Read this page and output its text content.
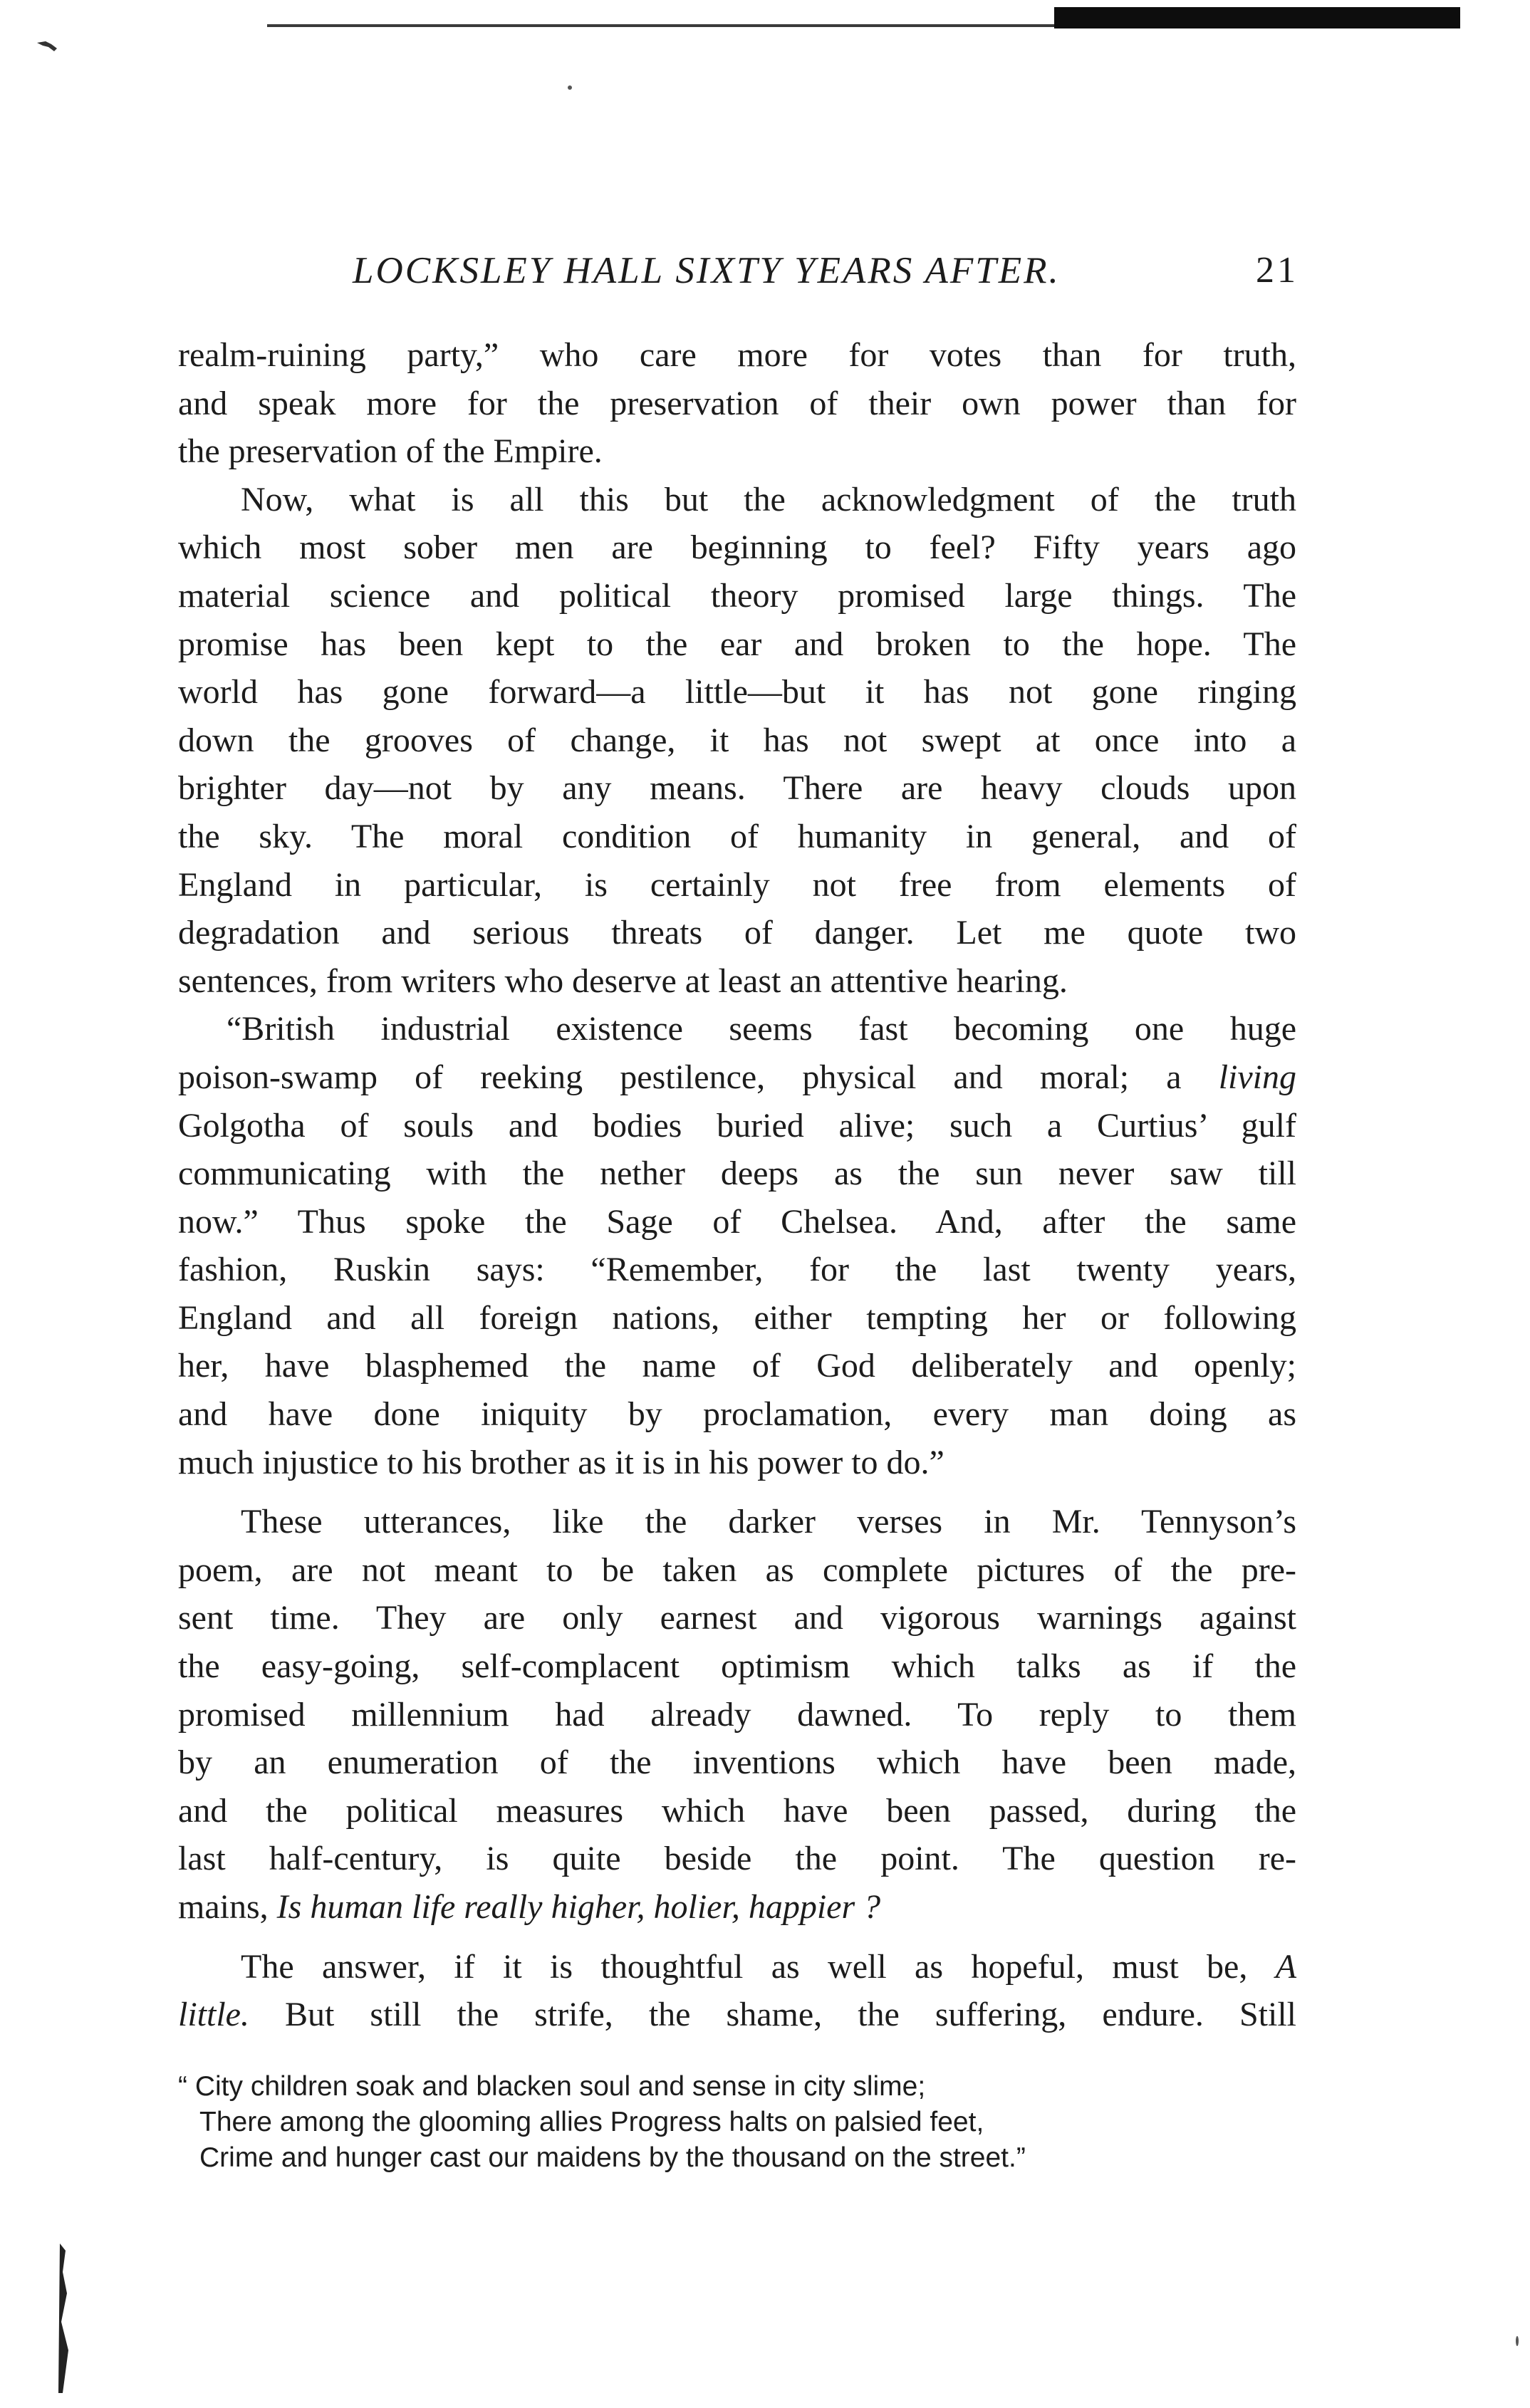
LOCKSLEY HALL SIXTY YEARS AFTER.	21
realm-ruining party,” who care more for votes than for truth,
and speak more for the preservation of their own power than for
the preservation of the Empire.
Now, what is all this but the acknowledgment of the truth
which most sober men are beginning to feel? Fifty years ago
material science and political theory promised large things. The
promise has been kept to the ear and broken to the hope. The
world has gone forward—a little—but it has not gone ringing
down the grooves of change, it has not swept at once into a
brighter day—not by any means. There are heavy clouds upon
the sky. The moral condition of humanity in general, and of
England in particular, is certainly not free from elements of
degradation and serious threats of danger. Let me quote two
sentences, from writers who deserve at least an attentive hearing.
“British industrial existence seems fast becoming one huge
poison-swamp of reeking pestilence, physical and moral; a living
Golgotha of souls and bodies buried alive; such a Curtius’ gulf
communicating with the nether deeps as the sun never saw till
now.” Thus spoke the Sage of Chelsea. And, after the same
fashion, Ruskin says: “Remember, for the last twenty years,
England and all foreign nations, either tempting her or following
her, have blasphemed the name of God deliberately and openly;
and have done iniquity by proclamation, every man doing as
much injustice to his brother as it is in his power to do.”
These utterances, like the darker verses in Mr. Tennyson’s
poem, are not meant to be taken as complete pictures of the pre-
sent time. They are only earnest and vigorous warnings against
the easy-going, self-complacent optimism which talks as if the
promised millennium had already dawned. To reply to them
by an enumeration of the inventions which have been made,
and the political measures which have been passed, during the
last half-century, is quite beside the point. The question re-
mains, Is human life really higher, holier, happier ?
The answer, if it is thoughtful as well as hopeful, must be, A
little. But still the strife, the shame, the suffering, endure. Still
“ City children soak and blacken soul and sense in city slime;
There among the glooming allies Progress halts on palsied feet,
Crime and hunger cast our maidens by the thousand on the street.”
